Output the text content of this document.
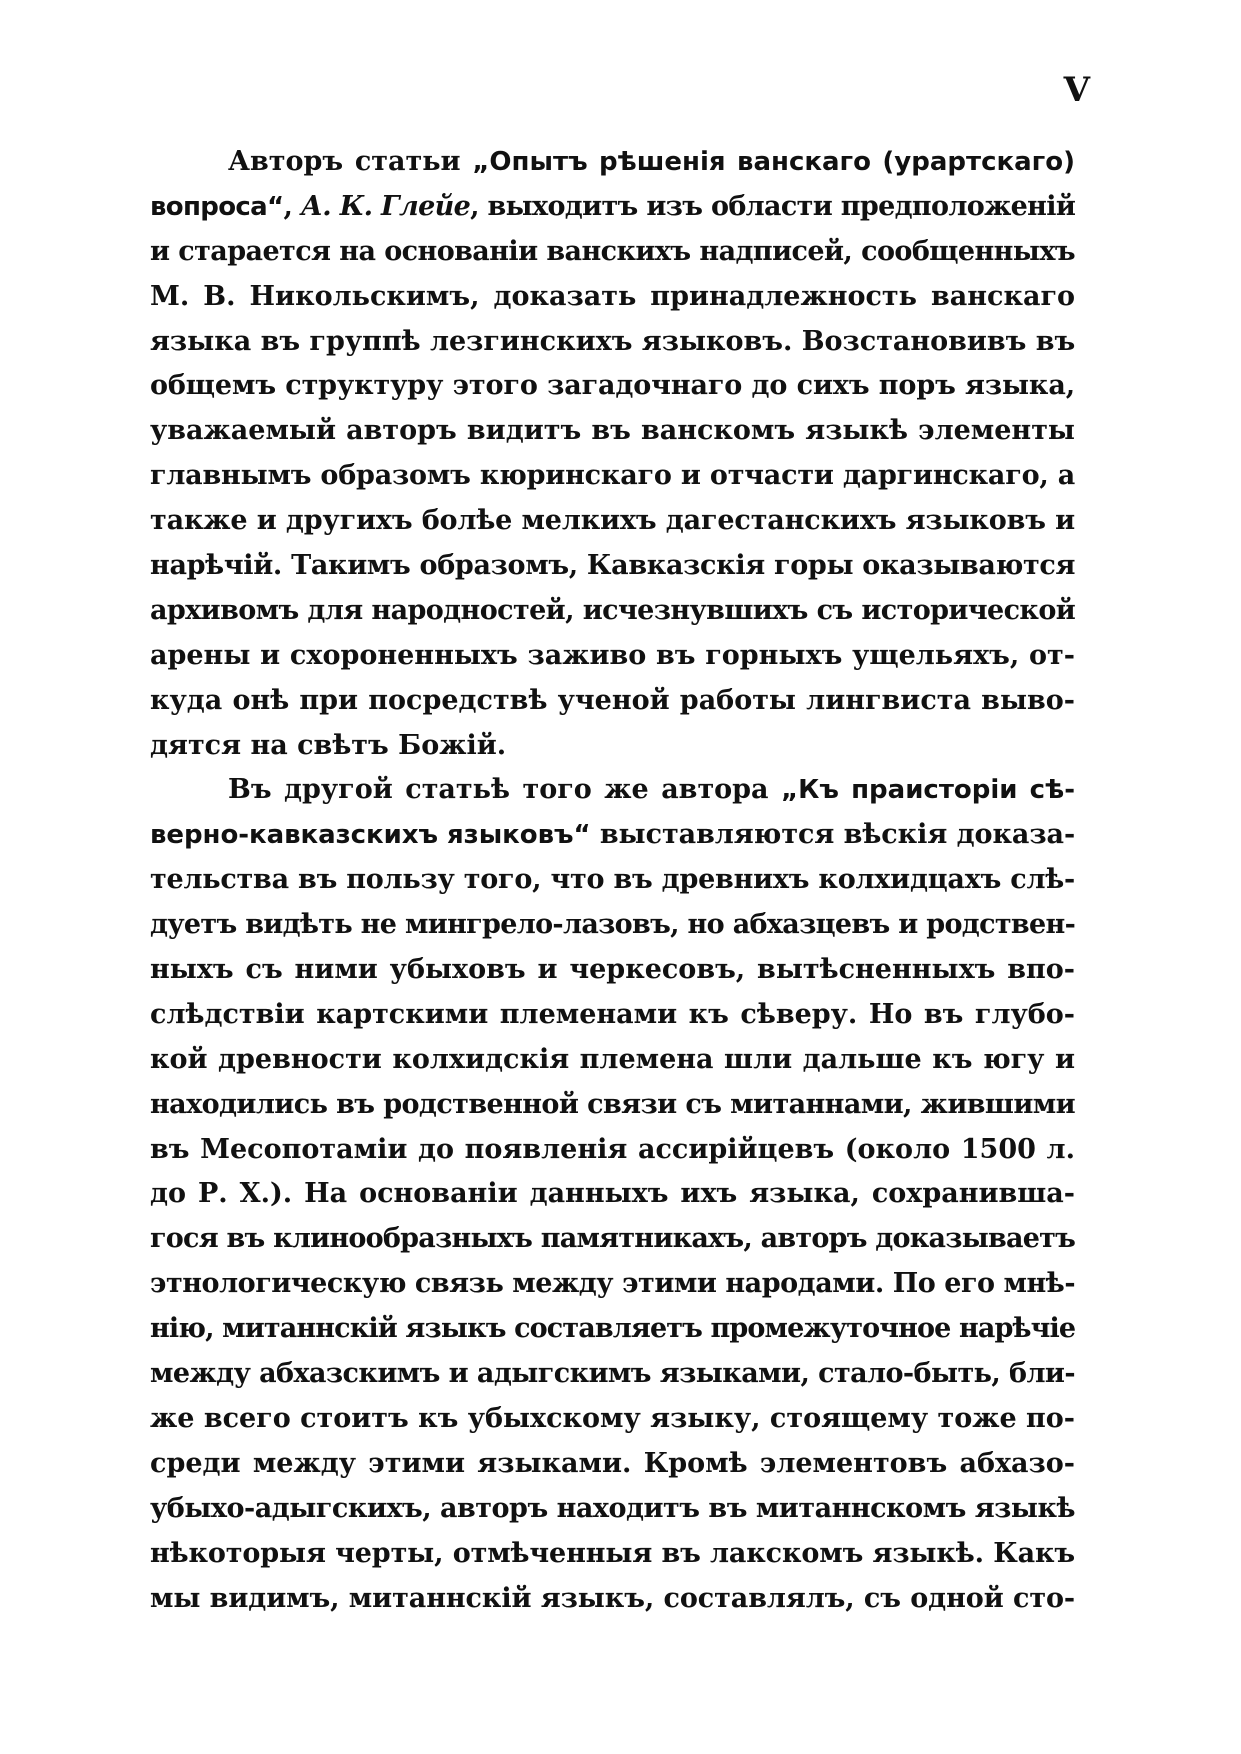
V
Авторъ статьи „Опытъ рѣшенія ванскаго (урартскаго)
вопроса“, А. К. Глейе, выходитъ изъ области предположеній
и старается на основаніи ванскихъ надписей, сообщенныхъ
М. В. Никольскимъ, доказать принадлежность ванскаго
языка въ группѣ лезгинскихъ языковъ. Возстановивъ въ
общемъ структуру этого загадочнаго до сихъ поръ языка,
уважаемый авторъ видитъ въ ванскомъ языкѣ элементы
главнымъ образомъ кюринскаго и отчасти даргинскаго, а
также и другихъ болѣе мелкихъ дагестанскихъ языковъ и
нарѣчій. Такимъ образомъ, Кавказскія горы оказываются
архивомъ для народностей, исчезнувшихъ съ исторической
арены и схороненныхъ заживо въ горныхъ ущельяхъ, от-
куда онѣ при посредствѣ ученой работы лингвиста выво-
дятся на свѣтъ Божій.
Въ другой статьѣ того же автора „Къ праисторіи сѣ-
верно-кавказскихъ языковъ“ выставляются вѣскія доказа-
тельства въ пользу того, что въ древнихъ колхидцахъ слѣ-
дуетъ видѣть не мингрело-лазовъ, но абхазцевъ и родствен-
ныхъ съ ними убыховъ и черкесовъ, вытѣсненныхъ впо-
слѣдствіи картскими племенами къ сѣверу. Но въ глубо-
кой древности колхидскія племена шли дальше къ югу и
находились въ родственной связи съ митаннами, жившими
въ Месопотаміи до появленія ассирійцевъ (около 1500 л.
до Р. Х.). На основаніи данныхъ ихъ языка, сохранивша-
гося въ клинообразныхъ памятникахъ, авторъ доказываетъ
этнологическую связь между этими народами. По его мнѣ-
нію, митаннскій языкъ составляетъ промежуточное нарѣчіе
между абхазскимъ и адыгскимъ языками, стало-быть, бли-
же всего стоитъ къ убыхскому языку, стоящему тоже по-
среди между этими языками. Кромѣ элементовъ абхазо-
убыхо-адыгскихъ, авторъ находитъ въ митаннскомъ языкѣ
нѣкоторыя черты, отмѣченныя въ лакскомъ языкѣ. Какъ
мы видимъ, митаннскій языкъ, составлялъ, съ одной сто-
